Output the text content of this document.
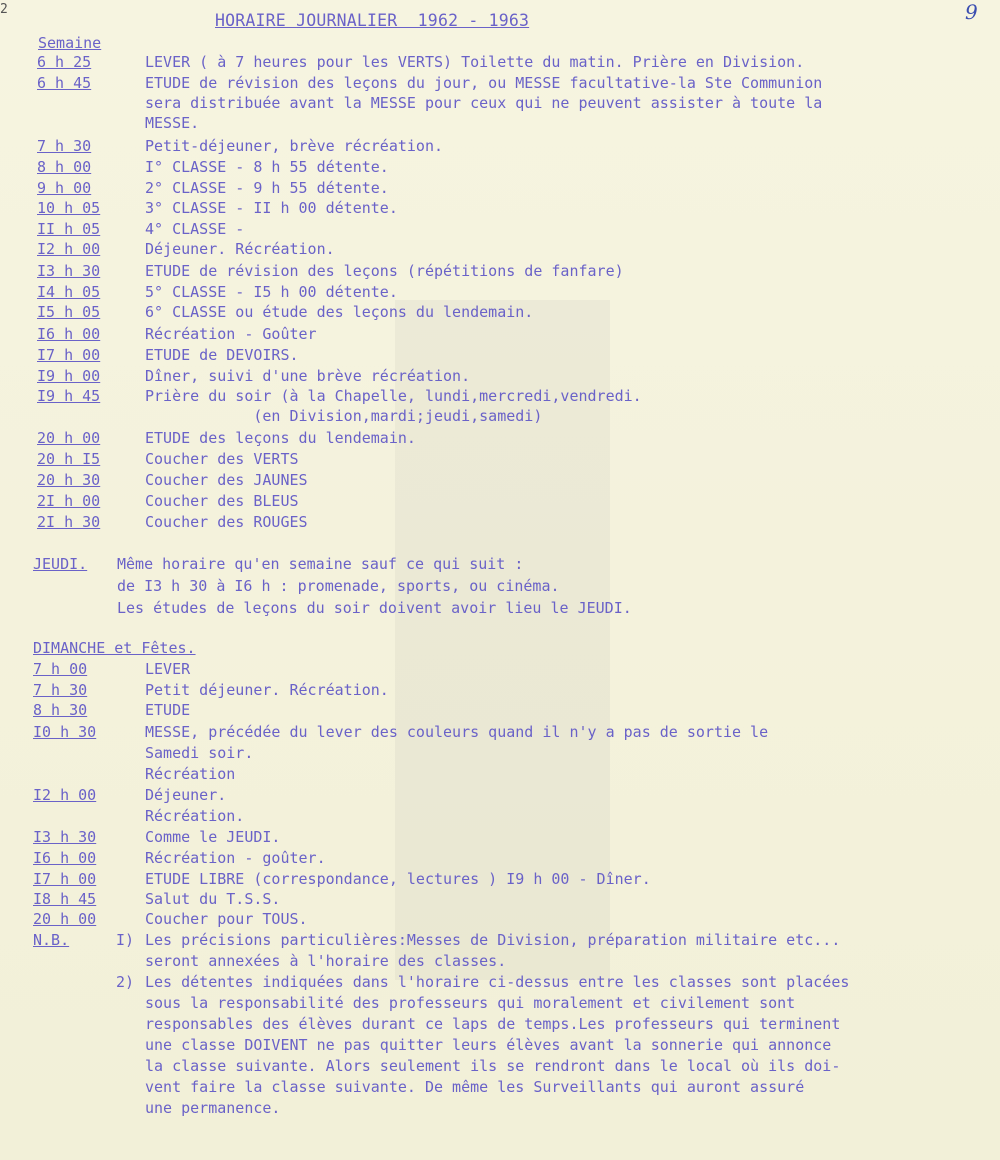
2	9
HORAIRE JOURNALIER  1962 - 1963
Semaine
6 h 25	LEVER ( à 7 heures pour les VERTS) Toilette du matin. Prière en Division.
6 h 45	ETUDE de révision des leçons du jour, ou MESSE facultative-la Ste Communion
sera distribuée avant la MESSE pour ceux qui ne peuvent assister à toute la
MESSE.
7 h 30	Petit-déjeuner, brève récréation.
8 h 00	I° CLASSE - 8 h 55 détente.
9 h 00	2° CLASSE - 9 h 55 détente.
10 h 05	3° CLASSE - II h 00 détente.
II h 05	4° CLASSE -
I2 h 00	Déjeuner. Récréation.
I3 h 30	ETUDE de révision des leçons (répétitions de fanfare)
I4 h 05	5° CLASSE - I5 h 00 détente.
I5 h 05	6° CLASSE ou étude des leçons du lendemain.
I6 h 00	Récréation - Goûter
I7 h 00	ETUDE de DEVOIRS.
I9 h 00	Dîner, suivi d'une brève récréation.
I9 h 45	Prière du soir (à la Chapelle, lundi,mercredi,vendredi.
(en Division,mardi;jeudi,samedi)
20 h 00	ETUDE des leçons du lendemain.
20 h I5	Coucher des VERTS
20 h 30	Coucher des JAUNES
2I h 00	Coucher des BLEUS
2I h 30	Coucher des ROUGES
JEUDI. Même horaire qu'en semaine sauf ce qui suit :
de I3 h 30 à I6 h : promenade, sports, ou cinéma.
Les études de leçons du soir doivent avoir lieu le JEUDI.
DIMANCHE et Fêtes.
7 h 00	LEVER
7 h 30	Petit déjeuner. Récréation.
8 h 30	ETUDE
I0 h 30	MESSE, précédée du lever des couleurs quand il n'y a pas de sortie le
Samedi soir.
Récréation
I2 h 00	Déjeuner.
Récréation.
I3 h 30	Comme le JEUDI.
I6 h 00	Récréation - goûter.
I7 h 00	ETUDE LIBRE (correspondance, lectures ) I9 h 00 - Dîner.
I8 h 45	Salut du T.S.S.
20 h 00	Coucher pour TOUS.
N.B.	I) Les précisions particulières:Messes de Division, préparation militaire etc...
seront annexées à l'horaire des classes.
2) Les détentes indiquées dans l'horaire ci-dessus entre les classes sont placées
sous la responsabilité des professeurs qui moralement et civilement sont
responsables des élèves durant ce laps de temps.Les professeurs qui terminent
une classe DOIVENT ne pas quitter leurs élèves avant la sonnerie qui annonce
la classe suivante. Alors seulement ils se rendront dans le local où ils doi-
vent faire la classe suivante. De même les Surveillants qui auront assuré
une permanence.
